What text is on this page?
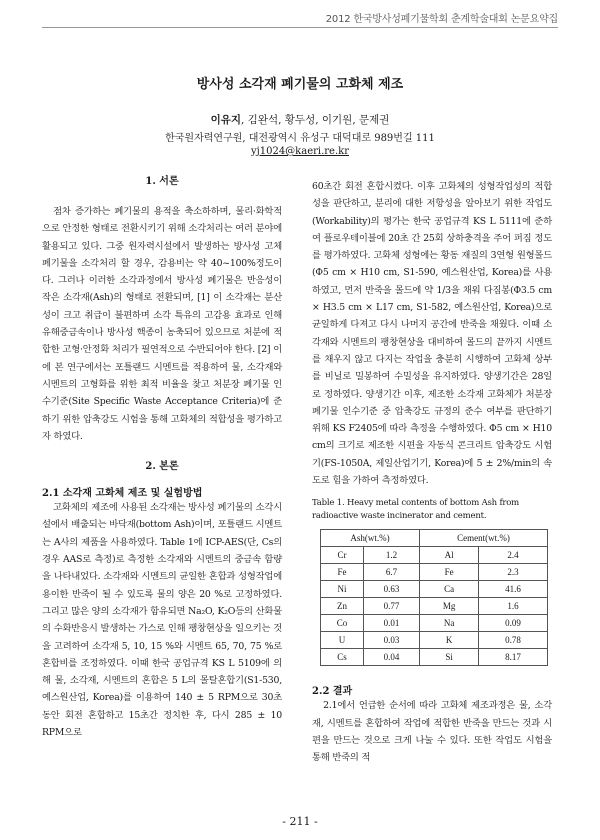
2012 한국방사성폐기물학회 춘계학술대회 논문요약집
방사성 소각재 폐기물의 고화체 제조
이유지, 김완석, 황두성, 이기원, 문제권
한국원자력연구원, 대전광역시 유성구 대덕대로 989번길 111
yj1024@kaeri.re.kr
1. 서론

점차 증가하는 폐기물의 용적을 축소하하며, 물리·화학적으로 안정한 형태로 전환시키기 위해 소각처리는 여러 분야에 활용되고 있다. 그중 원자력시설에서 발생하는 방사성 고체 폐기물을 소각처리 할 경우, 감용비는 약 40~100%정도이다. 그러나 이러한 소각과정에서 방사성 폐기물은 반응성이 작은 소각재(Ash)의 형태로 전환되며, [1] 이 소각재는 분산성이 크고 취급이 불편하며 소각 특유의 고감용 효과로 인해 유해중금속이나 방사성 핵종이 농축되어 있으므로 처분에 적합한 고형·안정화 처리가 필연적으로 수반되어야 한다. [2] 이에 본 연구에서는 포틀랜드 시멘트를 적용하여 물, 소각재와 시멘트의 고형화를 위한 최적 비율을 찾고 처분장 폐기물 인수기준(Site Specific Waste Acceptance Criteria)에 준하기 위한 압축강도 시험을 통해 고화체의 적합성을 평가하고자 하였다.

2. 본론
2.1 소각재 고화체 제조 및 실험방법

고화체의 제조에 사용된 소각재는 방사성 폐기물의 소각시설에서 배출되는 바닥재(bottom Ash)이며, 포틀랜드 시멘트는 A사의 제품을 사용하였다. Table 1에 ICP-AES(단, Cs의 경우 AAS로 측정)로 측정한 소각재와 시멘트의 중금속 함량을 나타내었다. 소각재와 시멘트의 균일한 혼합과 성형작업에 용이한 반죽이 될 수 있도록 물의 양은 20 %로 고정하였다. 그리고 많은 양의 소각재가 함유되면 Na₂O, K₂O등의 산화물의 수화반응시 발생하는 가스로 인해 팽창현상을 일으키는 것을 고려하여 소각재 5, 10, 15 %와 시멘트 65, 70, 75 %로 혼합비를 조정하였다. 이때 한국 공업규격 KS L 5109에 의해 물, 소각재, 시멘트의 혼합은 5 L의 몰탈혼합기(S1-530, 예스원산업, Korea)를 이용하여 140 ± 5 RPM으로 30초 동안 회전 혼합하고 15초간 정치한 후, 다시 285 ± 10 RPM으로

60초간 회전 혼합시켰다. 이후 고화체의 성형작업성의 적합성을 판단하고, 분리에 대한 저항성을 알아보기 위한 작업도(Workability)의 평가는 한국 공업규격 KS L 5111에 준하여 플로우테이블에 20초 간 25회 상하충격을 주어 퍼짐 정도를 평가하였다. 고화체 성형에는 황동 재질의 3연형 원형몰드(Φ5 cm × H10 cm, S1-590, 예스원산업, Korea)를 사용하였고, 먼저 반죽을 몰드에 약 1/3을 채워 다짐봉(Φ3.5 cm × H3.5 cm × L17 cm, S1-582, 예스원산업, Korea)으로 균일하게 다져고 다시 나머지 공간에 반죽을 채웠다. 이때 소각재와 시멘트의 팽창현상을 대비하여 몰드의 끝까지 시멘트를 채우지 않고 다지는 작업을 충분히 시행하여 고화체 상부를 비닐로 밀봉하여 수밀성을 유지하였다. 양생기간은 28일로 정하였다. 양생기간 이후, 제조한 소각재 고화체가 처분장 폐기물 인수기준 중 압축강도 규정의 준수 여부를 판단하기 위해 KS F2405에 따라 측정을 수행하였다. Φ5 cm × H10 cm의 크기로 제조한 시편을 자동식 콘크리트 압축강도 시험기(FS-1050A, 제일산업기기, Korea)에 5 ± 2%/min의 속도로 힘을 가하여 측정하였다.

Table 1. Heavy metal contents of bottom Ash from radioactive waste incinerator and cement.

Ash(wt.%)		Cement(wt.%)	
Cr	1.2	Al	2.4
Fe	6.7	Fe	2.3
Ni	0.63	Ca	41.6
Zn	0.77	Mg	1.6
Co	0.01	Na	0.09
U	0.03	K	0.78
Cs	0.04	Si	8.17
2.2 결과

2.1에서 언급한 순서에 따라 고화체 제조과정은 물, 소각재, 시멘트를 혼합하여 작업에 적합한 반죽을 만드는 것과 시편을 만드는 것으로 크게 나눌 수 있다. 또한 작업도 시험을 통해 반죽의 적

- 211 -
